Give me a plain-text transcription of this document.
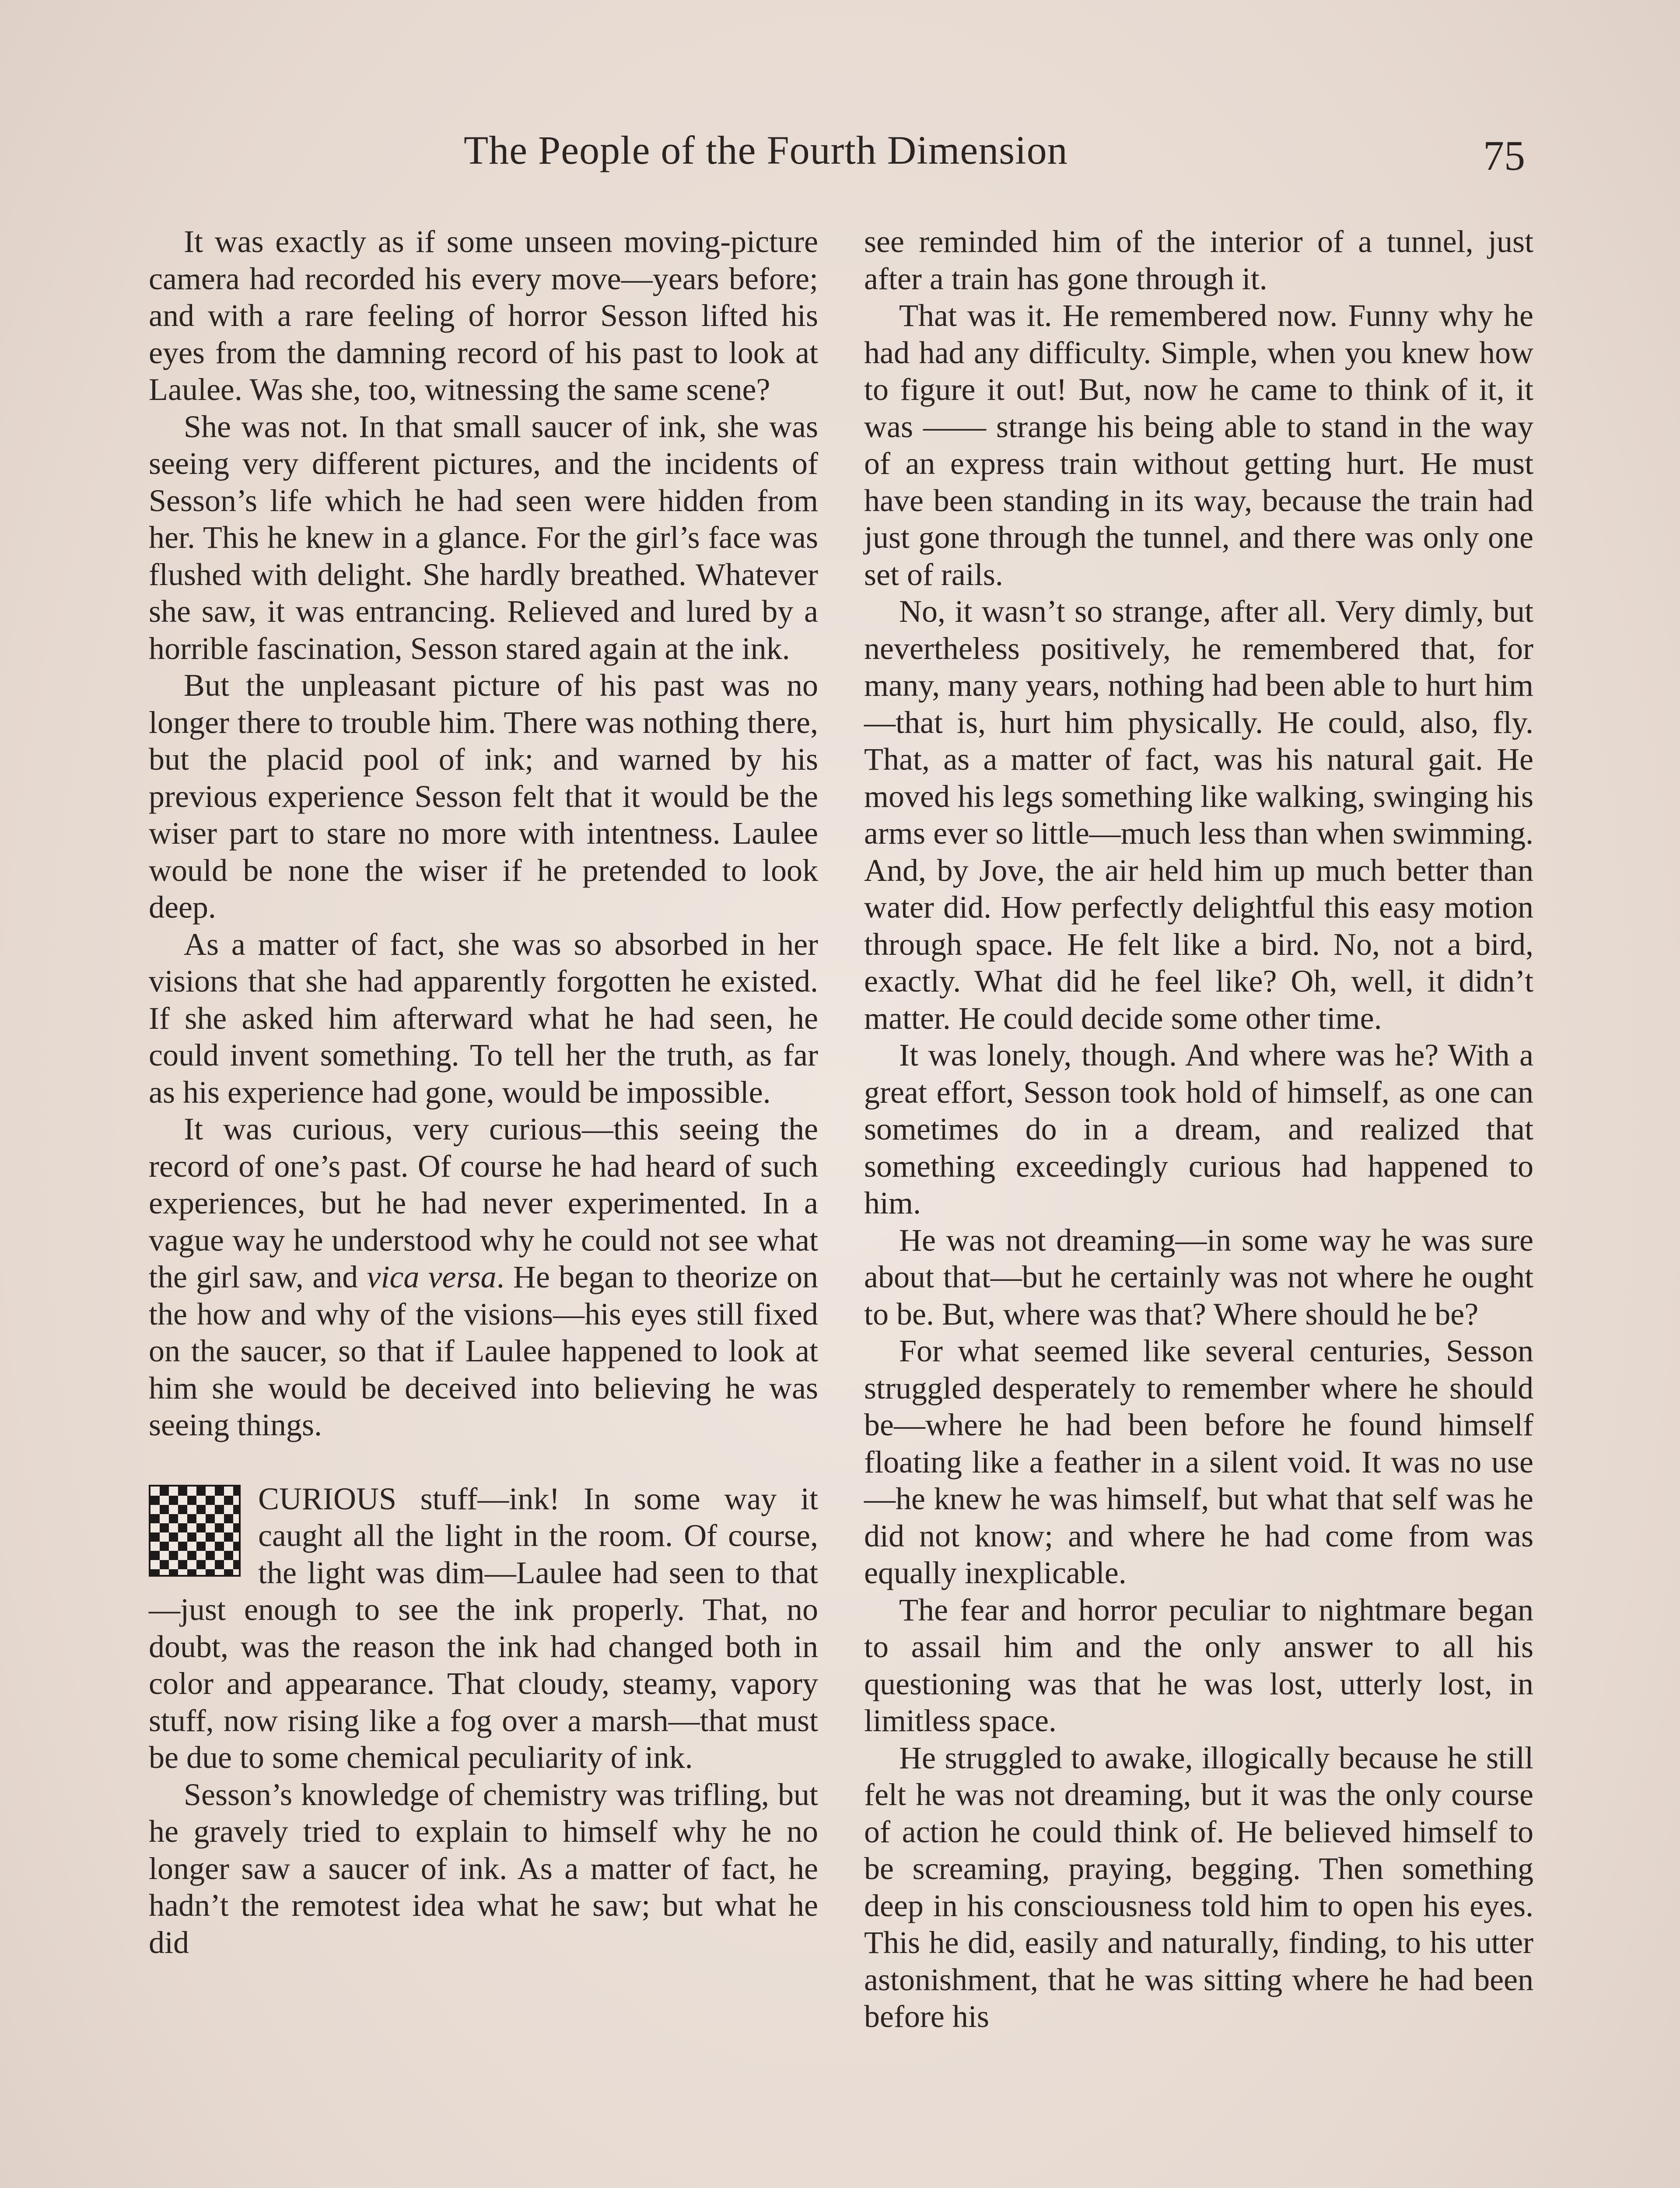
The People of the Fourth Dimension	75

It was exactly as if some unseen moving-picture camera had recorded his every move—years before; and with a rare feeling of horror Sesson lifted his eyes from the damning record of his past to look at Laulee. Was she, too, witnessing the same scene?

She was not. In that small saucer of ink, she was seeing very different pictures, and the incidents of Sesson’s life which he had seen were hidden from her. This he knew in a glance. For the girl’s face was flushed with delight. She hardly breathed. Whatever she saw, it was entrancing. Relieved and lured by a horrible fascination, Sesson stared again at the ink.

But the unpleasant picture of his past was no longer there to trouble him. There was nothing there, but the placid pool of ink; and warned by his previous experience Sesson felt that it would be the wiser part to stare no more with intentness. Laulee would be none the wiser if he pretended to look deep.

As a matter of fact, she was so absorbed in her visions that she had apparently forgotten he existed. If she asked him afterward what he had seen, he could invent something. To tell her the truth, as far as his experience had gone, would be impossible.

It was curious, very curious—this seeing the record of one’s past. Of course he had heard of such experiences, but he had never experimented. In a vague way he understood why he could not see what the girl saw, and vica versa. He began to theorize on the how and why of the visions—his eyes still fixed on the saucer, so that if Laulee happened to look at him she would be deceived into believing he was seeing things.

CURIOUS stuff—ink! In some way it caught all the light in the room. Of course, the light was dim—Laulee had seen to that—just enough to see the ink properly. That, no doubt, was the reason the ink had changed both in color and appearance. That cloudy, steamy, vapory stuff, now rising like a fog over a marsh—that must be due to some chemical peculiarity of ink.

Sesson’s knowledge of chemistry was trifling, but he gravely tried to explain to himself why he no longer saw a saucer of ink. As a matter of fact, he hadn’t the remotest idea what he saw; but what he did

see reminded him of the interior of a tunnel, just after a train has gone through it.

That was it. He remembered now. Funny why he had had any difficulty. Simple, when you knew how to figure it out! But, now he came to think of it, it was —— strange his being able to stand in the way of an express train without getting hurt. He must have been standing in its way, because the train had just gone through the tunnel, and there was only one set of rails.

No, it wasn’t so strange, after all. Very dimly, but nevertheless positively, he remembered that, for many, many years, nothing had been able to hurt him—that is, hurt him physically. He could, also, fly. That, as a matter of fact, was his natural gait. He moved his legs something like walking, swinging his arms ever so little—much less than when swimming. And, by Jove, the air held him up much better than water did. How perfectly delightful this easy motion through space. He felt like a bird. No, not a bird, exactly. What did he feel like? Oh, well, it didn’t matter. He could decide some other time.

It was lonely, though. And where was he? With a great effort, Sesson took hold of himself, as one can sometimes do in a dream, and realized that something exceedingly curious had happened to him.

He was not dreaming—in some way he was sure about that—but he certainly was not where he ought to be. But, where was that? Where should he be?

For what seemed like several centuries, Sesson struggled desperately to remember where he should be—where he had been before he found himself floating like a feather in a silent void. It was no use—he knew he was himself, but what that self was he did not know; and where he had come from was equally inexplicable.

The fear and horror peculiar to nightmare began to assail him and the only answer to all his questioning was that he was lost, utterly lost, in limitless space.

He struggled to awake, illogically because he still felt he was not dreaming, but it was the only course of action he could think of. He believed himself to be screaming, praying, begging. Then something deep in his consciousness told him to open his eyes. This he did, easily and naturally, finding, to his utter astonishment, that he was sitting where he had been before his
